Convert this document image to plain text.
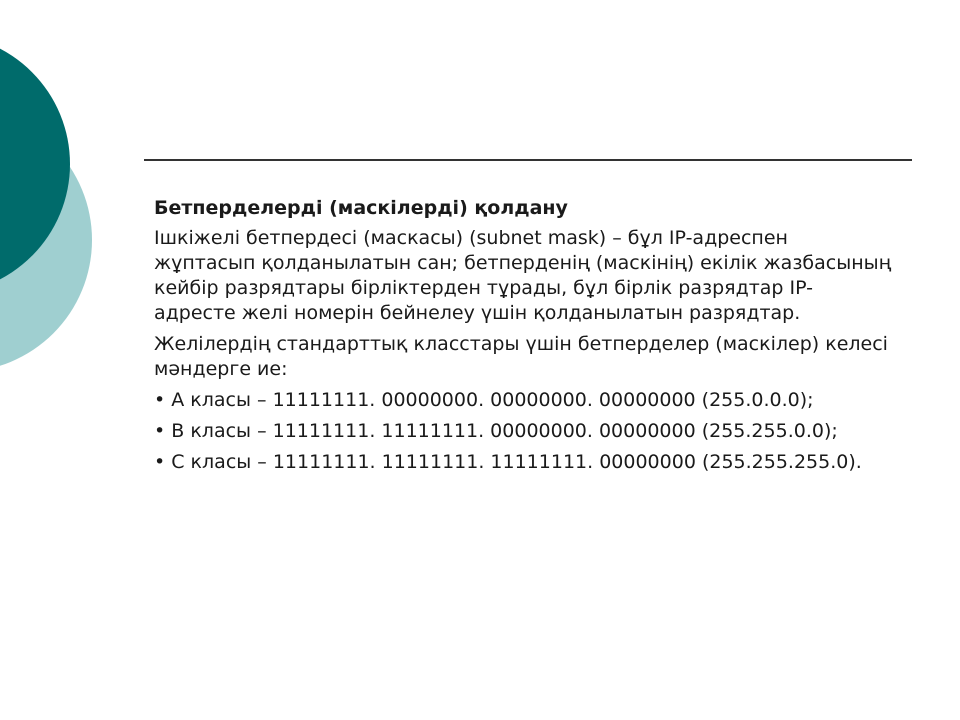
Бетперделерді (маскілерді) қолдану

Ішкіжелі бетпердесі (маскасы) (subnet mask) – бұл IP-адреспен жұптасып қолданылатын сан; бетперденің (маскінің) екілік жазбасының кейбір разрядтары бірліктерден тұрады, бұл бірлік разрядтар IP-адресте желі номерін бейнелеу үшін қолданылатын разрядтар.

Желілердің стандарттық класстары үшін бетперделер (маскілер) келесі мәндерге ие:

• A класы – 11111111. 00000000. 00000000. 00000000 (255.0.0.0);

• B класы – 11111111. 11111111. 00000000. 00000000 (255.255.0.0);

• C класы – 11111111. 11111111. 11111111. 00000000 (255.255.255.0).
